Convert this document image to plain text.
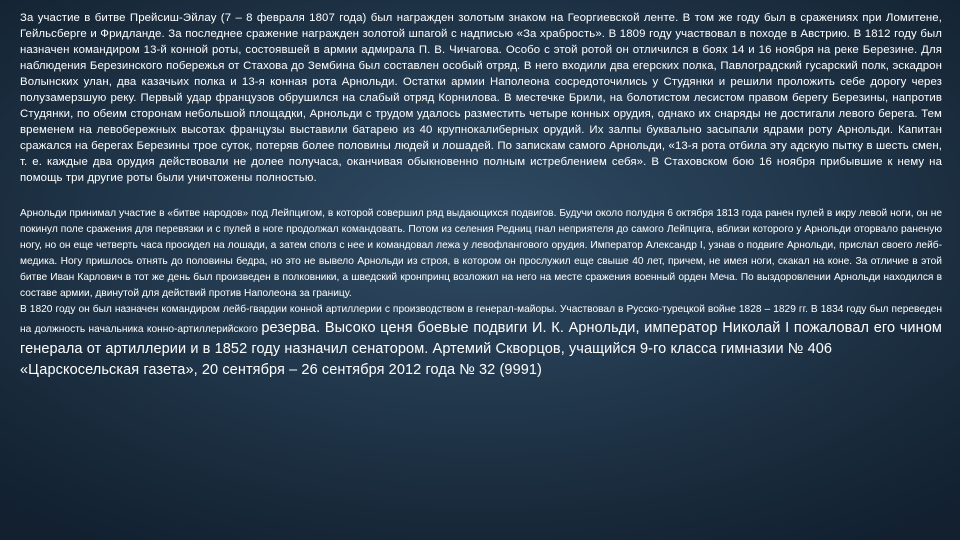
За участие в битве Прейсиш-Эйлау (7 – 8 февраля 1807 года) был награжден золотым знаком на Георгиевской ленте. В том же году был в сражениях при Ломитене, Гейльсберге и Фридланде. За последнее сражение награжден золотой шпагой с надписью «За храбрость». В 1809 году участвовал в походе в Австрию. В 1812 году был назначен командиром 13-й конной роты, состоявшей в армии адмирала П. В. Чичагова. Особо с этой ротой он отличился в боях 14 и 16 ноября на реке Березине. Для наблюдения Березинского побережья от Стахова до Зембина был составлен особый отряд. В него входили два егерских полка, Павлоградский гусарский полк, эскадрон Волынских улан, два казачьих полка и 13-я конная рота Арнольди. Остатки армии Наполеона сосредоточились у Студянки и решили проложить себе дорогу через полузамерзшую реку. Первый удар французов обрушился на слабый отряд Корнилова. В местечке Брили, на болотистом лесистом правом берегу Березины, напротив Студянки, по обеим сторонам небольшой площадки, Арнольди с трудом удалось разместить четыре конных орудия, однако их снаряды не достигали левого берега. Тем временем на левобережных высотах французы выставили батарею из 40 крупнокалиберных орудий. Их залпы буквально засыпали ядрами роту Арнольди. Капитан сражался на берегах Березины трое суток, потеряв более половины людей и лошадей. По запискам самого Арнольди, «13-я рота отбила эту адскую пытку в шесть смен, т. е. каждые два орудия действовали не долее получаса, оканчивая обыкновенно полным истреблением себя». В Стаховском бою 16 ноября прибывшие к нему на помощь три другие роты были уничтожены полностью.

Арнольди принимал участие в «битве народов» под Лейпцигом, в которой совершил ряд выдающихся подвигов. Будучи около полудня 6 октября 1813 года ранен пулей в икру левой ноги, он не покинул поле сражения для перевязки и с пулей в ноге продолжал командовать. Потом из селения Редниц гнал неприятеля до самого Лейпцига, вблизи которого у Арнольди оторвало раненую ногу, но он еще четверть часа просидел на лошади, а затем сполз с нее и командовал лежа у левофлангового орудия. Император Александр I, узнав о подвиге Арнольди, прислал своего лейб-медика. Ногу пришлось отнять до половины бедра, но это не вывело Арнольди из строя, в котором он прослужил еще свыше 40 лет, причем, не имея ноги, скакал на коне. За отличие в этой битве Иван Карлович в тот же день был произведен в полковники, а шведский кронпринц возложил на него на месте сражения военный орден Меча. По выздоровлении Арнольди находился в составе армии, двинутой для действий против Наполеона за границу.
В 1820 году он был назначен командиром лейб-гвардии конной артиллерии с производством в генерал-майоры. Участвовал в Русско-турецкой войне 1828 – 1829 гг. В 1834 году был переведен на должность начальника конно-артиллерийского резерва. Высоко ценя боевые подвиги И. К. Арнольди, император Николай I пожаловал его чином генерала от артиллерии и в 1852 году назначил сенатором. Артемий Скворцов, учащийся 9-го класса гимназии № 406

«Царскосельская газета», 20 сентября – 26 сентября 2012 года № 32 (9991)
